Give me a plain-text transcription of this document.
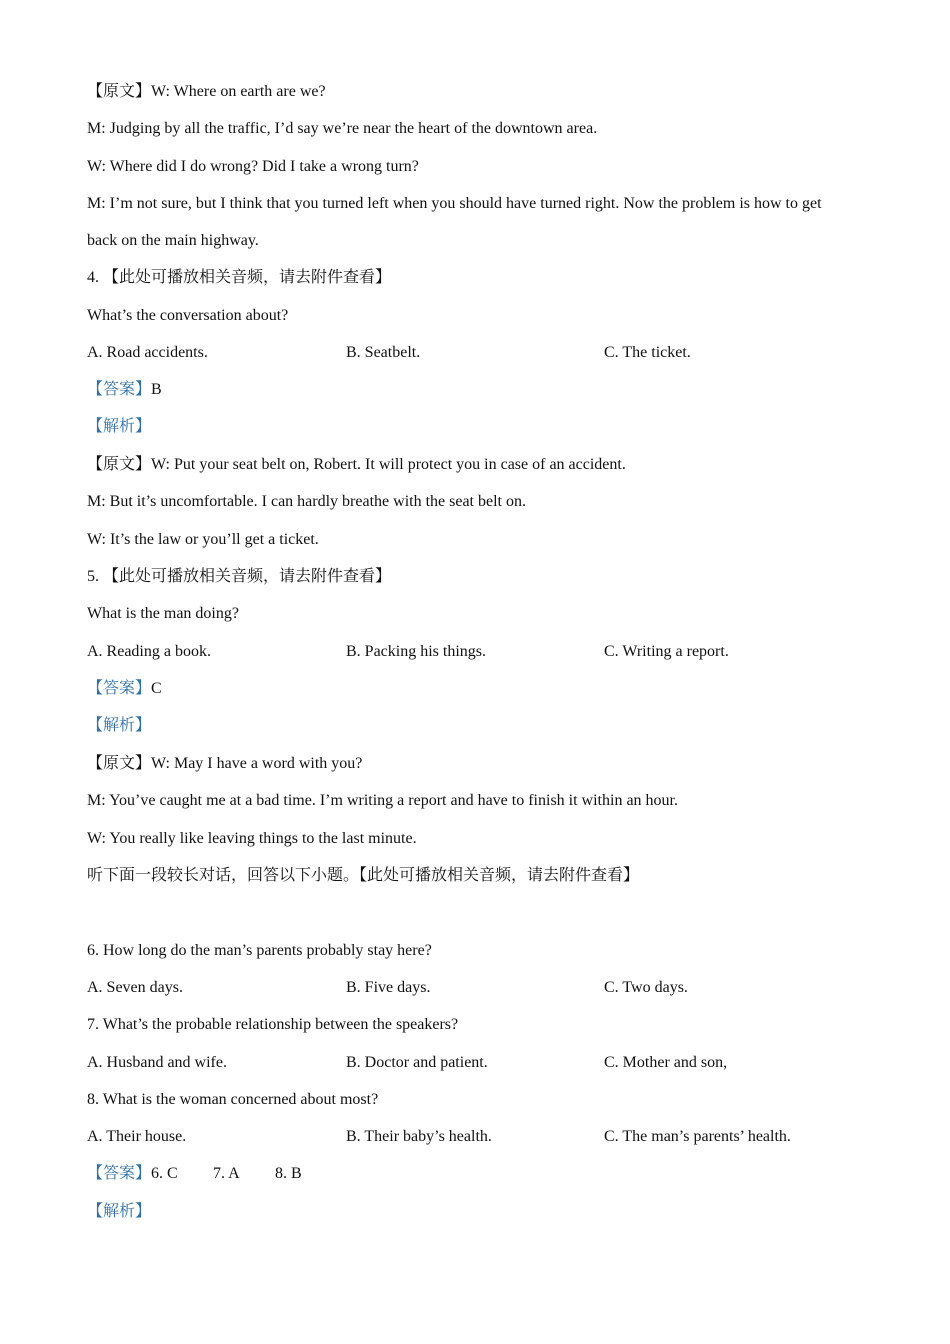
【原文】W: Where on earth are we?
M: Judging by all the traffic, I’d say we’re near the heart of the downtown area.
W: Where did I do wrong? Did I take a wrong turn?
M: I’m not sure, but I think that you turned left when you should have turned right. Now the problem is how to get
back on the main highway.
4. 【此处可播放相关音频，请去附件查看】
What’s the conversation about?
A. Road accidents.	B. Seatbelt.	C. The ticket.
【答案】B
【解析】
【原文】W: Put your seat belt on, Robert. It will protect you in case of an accident.
M: But it’s uncomfortable. I can hardly breathe with the seat belt on.
W: It’s the law or you’ll get a ticket.
5. 【此处可播放相关音频，请去附件查看】
What is the man doing?
A. Reading a book.	B. Packing his things.	C. Writing a report.
【答案】C
【解析】
【原文】W: May I have a word with you?
M: You’ve caught me at a bad time. I’m writing a report and have to finish it within an hour.
W: You really like leaving things to the last minute.
听下面一段较长对话，回答以下小题。【此处可播放相关音频，请去附件查看】
6. How long do the man’s parents probably stay here?
A. Seven days.	B. Five days.	C. Two days.
7. What’s the probable relationship between the speakers?
A. Husband and wife.	B. Doctor and patient.	C. Mother and son,
8. What is the woman concerned about most?
A. Their house.	B. Their baby’s health.	C. The man’s parents’ health.
【答案】6. C 7. A 8. B
【解析】
